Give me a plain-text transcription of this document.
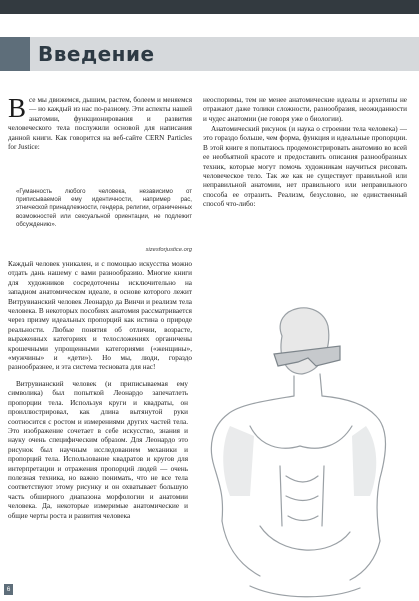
Введение
В се мы движемся, дышим, растем, болеем и меняемся — но каждый из нас по-разному. Эти аспекты нашей анатомии, функционирования и развития человеческого тела послужили основой для написания данной книги. Как говорится на веб-сайте CERN Particles for Justice:

«Гуманность любого человека, независимо от приписываемой ему идентичности, например рас, этнической принадлежности, гендера, религии, ограниченных возможностей или сексуальной ориентации, не подлежит обсуждению».
sizesforjustice.org

Каждый человек уникален, и с помощью искусства можно отдать дань нашему с вами разнообразию. Многие книги для художников сосредоточены исключительно на западном анатомическом идеале, в основе которого лежит Витрувианский человек Леонардо да Винчи и реализм тела человека. В некоторых пособиях анатомия рассматривается через призму идеальных пропорций как истина о природе реальности. Любые понятия об отличии, возрасте, выраженных категориях и телосложениях органичены крошечными упрощенными категориями («женщины», «мужчины» и «дети»). Но мы, люди, гораздо разнообразнее, и эта система тесновата для нас!

Витрувианский человек (и приписываемая ему символика) был попыткой Леонардо запечатлеть пропорции тела. Используя круги и квадраты, он проиллюстрировал, как длина вытянутой руки соотносится с ростом и измерениями других частей тела. Это изображение сочетает в себе искусство, знания и науку очень специфическим образом. Для Леонардо это рисунок был научным исследованием механики и пропорций тела. Использование квадратов и кругов для интерпретации и отражения пропорций людей — очень полезная техника, но важно понимать, что не все тела соответствуют этому рисунку и он охватывает большую часть обширного диапазона морфологии и анатомии человека. Да, некоторые измеримые анатомические и общие черты роста и развития человека

неоспоримы, тем не менее анатомические идеалы и архетипы не отражают даже толики сложности, разнообразия, неожиданности и чудес анатомии (не говоря уже о биологии).

Анатомический рисунок (и наука о строении тела человека) — это гораздо больше, чем форма, функция и идеальные пропорции. В этой книге я попытаюсь продемонстрировать анатомию во всей ее необъятной красоте и предоставить описания разнообразных техник, которые могут помочь художникам научиться рисовать человеческое тело. Так же как не существует правильной или неправильной анатомии, нет правильного или неправильного способа ее отразить. Реализм, безусловно, не единственный способ что-либо:

Oz
6
